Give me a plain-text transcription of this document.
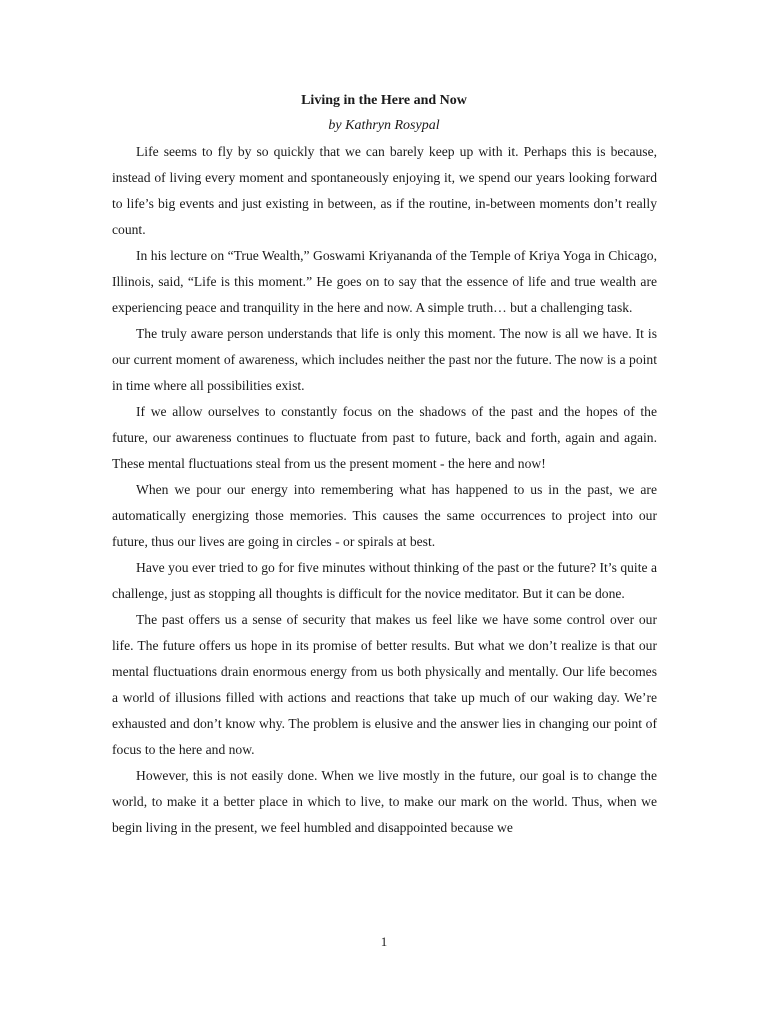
Living in the Here and Now
by Kathryn Rosypal

Life seems to fly by so quickly that we can barely keep up with it. Perhaps this is because, instead of living every moment and spontaneously enjoying it, we spend our years looking forward to life’s big events and just existing in between, as if the routine, in-between moments don’t really count.

In his lecture on “True Wealth,” Goswami Kriyananda of the Temple of Kriya Yoga in Chicago, Illinois, said, “Life is this moment.” He goes on to say that the essence of life and true wealth are experiencing peace and tranquility in the here and now. A simple truth… but a challenging task.

The truly aware person understands that life is only this moment. The now is all we have. It is our current moment of awareness, which includes neither the past nor the future. The now is a point in time where all possibilities exist.

If we allow ourselves to constantly focus on the shadows of the past and the hopes of the future, our awareness continues to fluctuate from past to future, back and forth, again and again. These mental fluctuations steal from us the present moment - the here and now!

When we pour our energy into remembering what has happened to us in the past, we are automatically energizing those memories. This causes the same occurrences to project into our future, thus our lives are going in circles - or spirals at best.

Have you ever tried to go for five minutes without thinking of the past or the future? It’s quite a challenge, just as stopping all thoughts is difficult for the novice meditator. But it can be done.

The past offers us a sense of security that makes us feel like we have some control over our life. The future offers us hope in its promise of better results. But what we don’t realize is that our mental fluctuations drain enormous energy from us both physically and mentally. Our life becomes a world of illusions filled with actions and reactions that take up much of our waking day. We’re exhausted and don’t know why. The problem is elusive and the answer lies in changing our point of focus to the here and now.

However, this is not easily done. When we live mostly in the future, our goal is to change the world, to make it a better place in which to live, to make our mark on the world. Thus, when we begin living in the present, we feel humbled and disappointed because we

1
